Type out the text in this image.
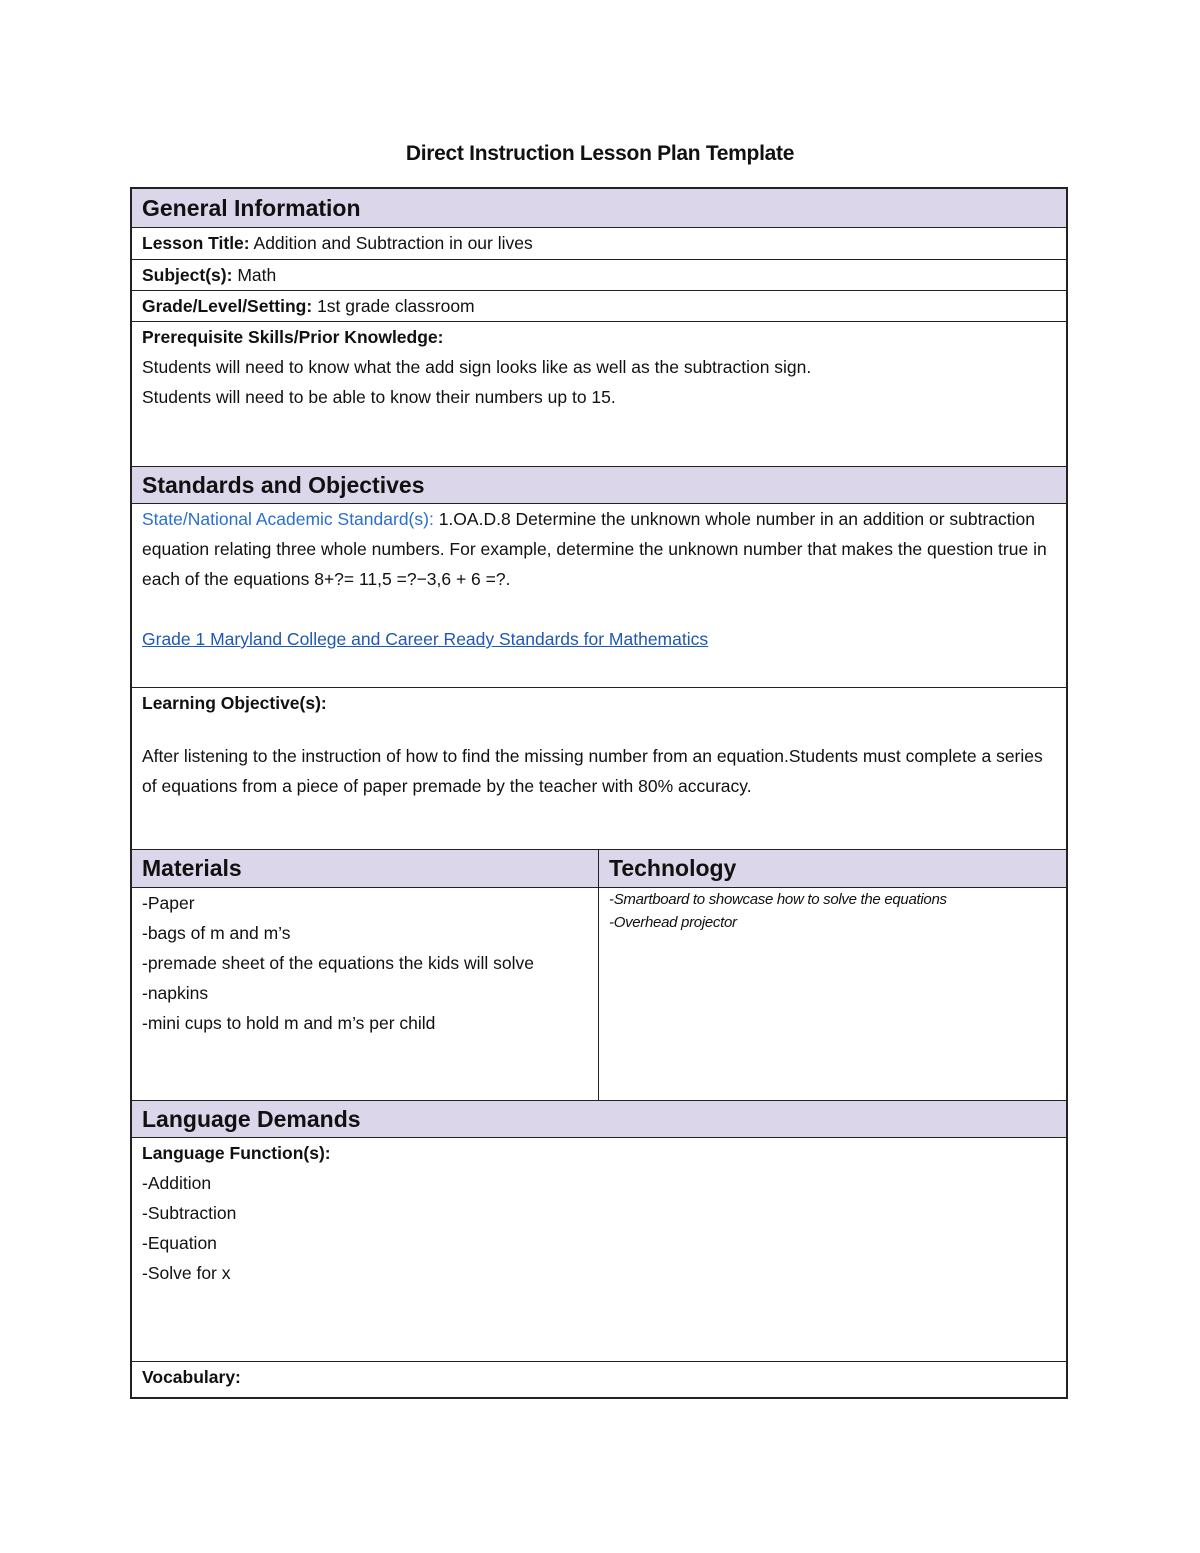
Direct Instruction Lesson Plan Template
General Information
Lesson Title: Addition and Subtraction in our lives
Subject(s): Math
Grade/Level/Setting: 1st grade classroom

Prerequisite Skills/Prior Knowledge:

Students will need to know what the add sign looks like as well as the subtraction sign.

Students will need to be able to know their numbers up to 15.

Standards and Objectives

State/National Academic Standard(s): 1.OA.D.8 Determine the unknown whole number in an addition or subtraction equation relating three whole numbers. For example, determine the unknown number that makes the question true in each of the equations 8+?= 11,5 =?−3,6 + 6 =?.

Grade 1 Maryland College and Career Ready Standards for Mathematics

Learning Objective(s):

After listening to the instruction of how to find the missing number from an equation.Students must complete a series of equations from a piece of paper premade by the teacher with 80% accuracy.

Materials

-Paper

-bags of m and m’s

-premade sheet of the equations the kids will solve

-napkins

-mini cups to hold m and m’s per child

Technology

-Smartboard to showcase how to solve the equations

-Overhead projector

Language Demands

Language Function(s):

-Addition

-Subtraction

-Equation

-Solve for x

Vocabulary:
